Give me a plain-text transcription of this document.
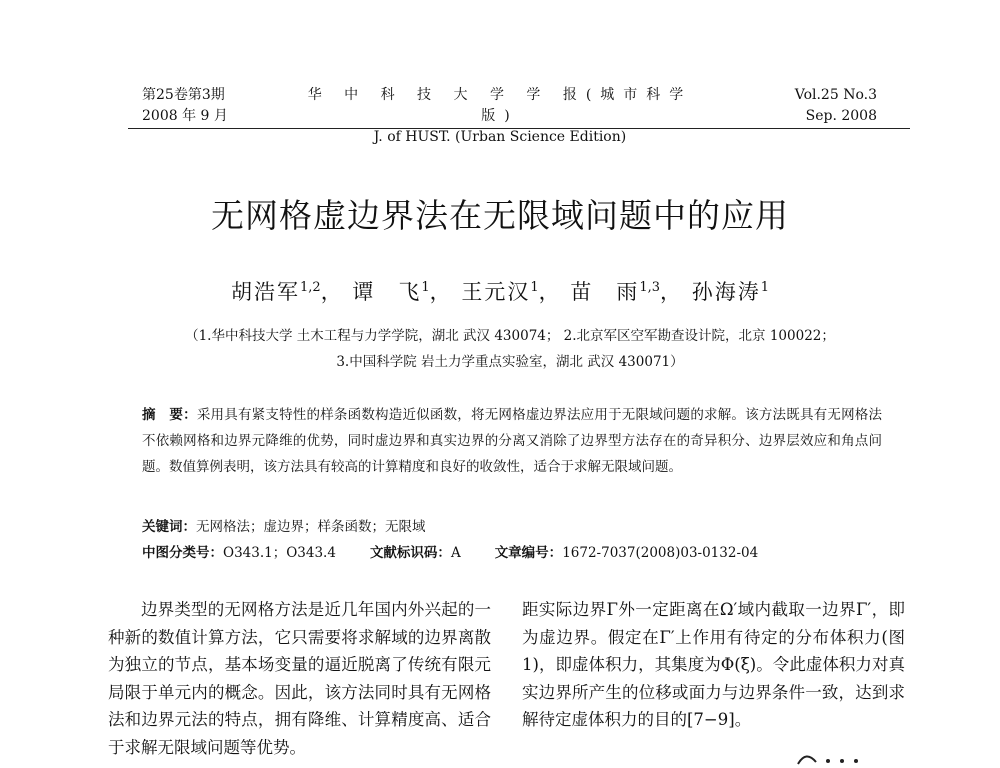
第25卷第3期
2008 年 9 月
华 中 科 技 大 学 学 报(城市科学版)
J. of HUST. (Urban Science Edition)
Vol.25 No.3
Sep. 2008
无网格虚边界法在无限域问题中的应用
胡浩军$^{1,2}$， 谭　飞$^1$， 王元汉$^1$， 苗　雨$^{1,3}$， 孙海涛$^1$
（1.华中科技大学 土木工程与力学学院，湖北 武汉 430074； 2.北京军区空军勘查设计院，北京 100022；
3.中国科学院 岩土力学重点实验室，湖北 武汉 430071）
摘　要：采用具有紧支特性的样条函数构造近似函数，将无网格虚边界法应用于无限域问题的求解。该方法既具有无网格法不依赖网格和边界元降维的优势，同时虚边界和真实边界的分离又消除了边界型方法存在的奇异积分、边界层效应和角点问题。数值算例表明，该方法具有较高的计算精度和良好的收敛性，适合于求解无限域问题。
关键词：无网格法；虚边界；样条函数；无限域
中图分类号：O343.1；O343.4	文献标识码：A	文章编号：1672-7037(2008)03-0132-04

边界类型的无网格方法是近几年国内外兴起的一种新的数值计算方法，它只需要将求解域的边界离散为独立的节点，基本场变量的逼近脱离了传统有限元局限于单元内的概念。因此，该方法同时具有无网格法和边界元法的特点，拥有降维、计算精度高、适合于求解无限域问题等优势。

距实际边界Γ外一定距离在Ω′域内截取一边界Γ′，即为虚边界。假定在Γ′上作用有待定的分布体积力(图 1)，即虚体积力，其集度为Φ(ξ)。令此虚体积力对真实边界所产生的位移或面力与边界条件一致，达到求解待定虚体积力的目的[7−9]。
